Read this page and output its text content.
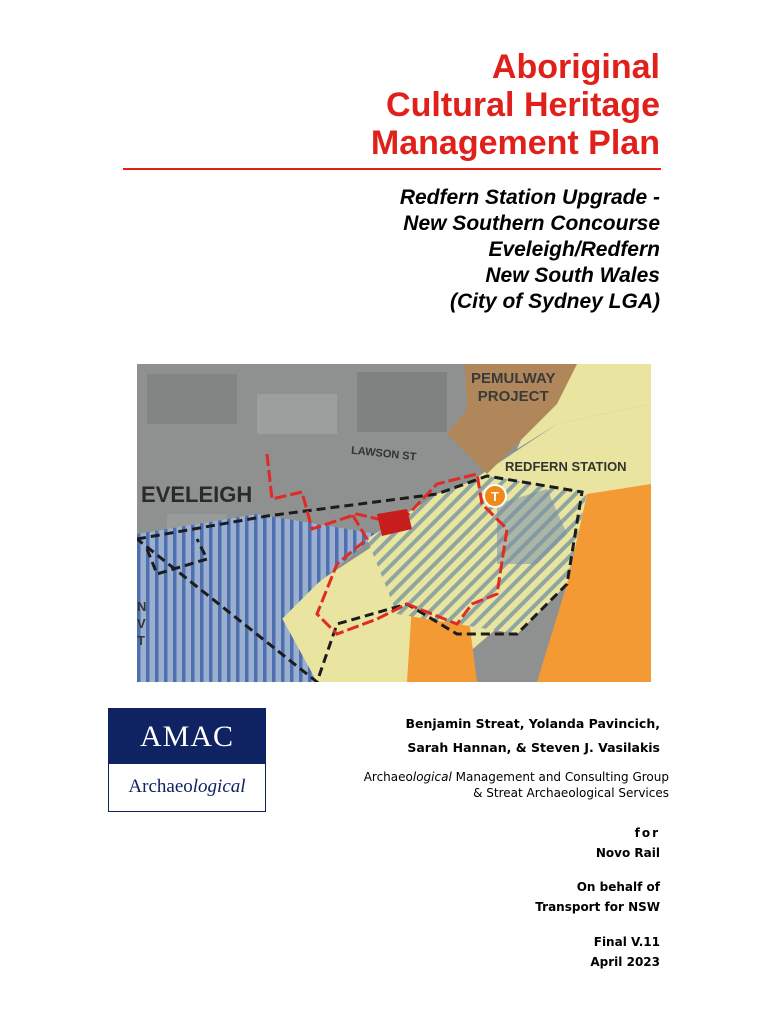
Aboriginal
Cultural Heritage
Management Plan
Redfern Station Upgrade -
New Southern Concourse
Eveleigh/Redfern
New South Wales
(City of Sydney LGA)
T
EVELEIGH
PEMULWAY
PROJECT
LAWSON ST
REDFERN STATION
N
V
T
AMAC
Archaeological
Benjamin Streat, Yolanda Pavincich,
Sarah Hannan, & Steven J. Vasilakis
Archaeological Management and Consulting Group
& Streat Archaeological Services
for
Novo Rail
On behalf of
Transport for NSW
Final V.11
April 2023
